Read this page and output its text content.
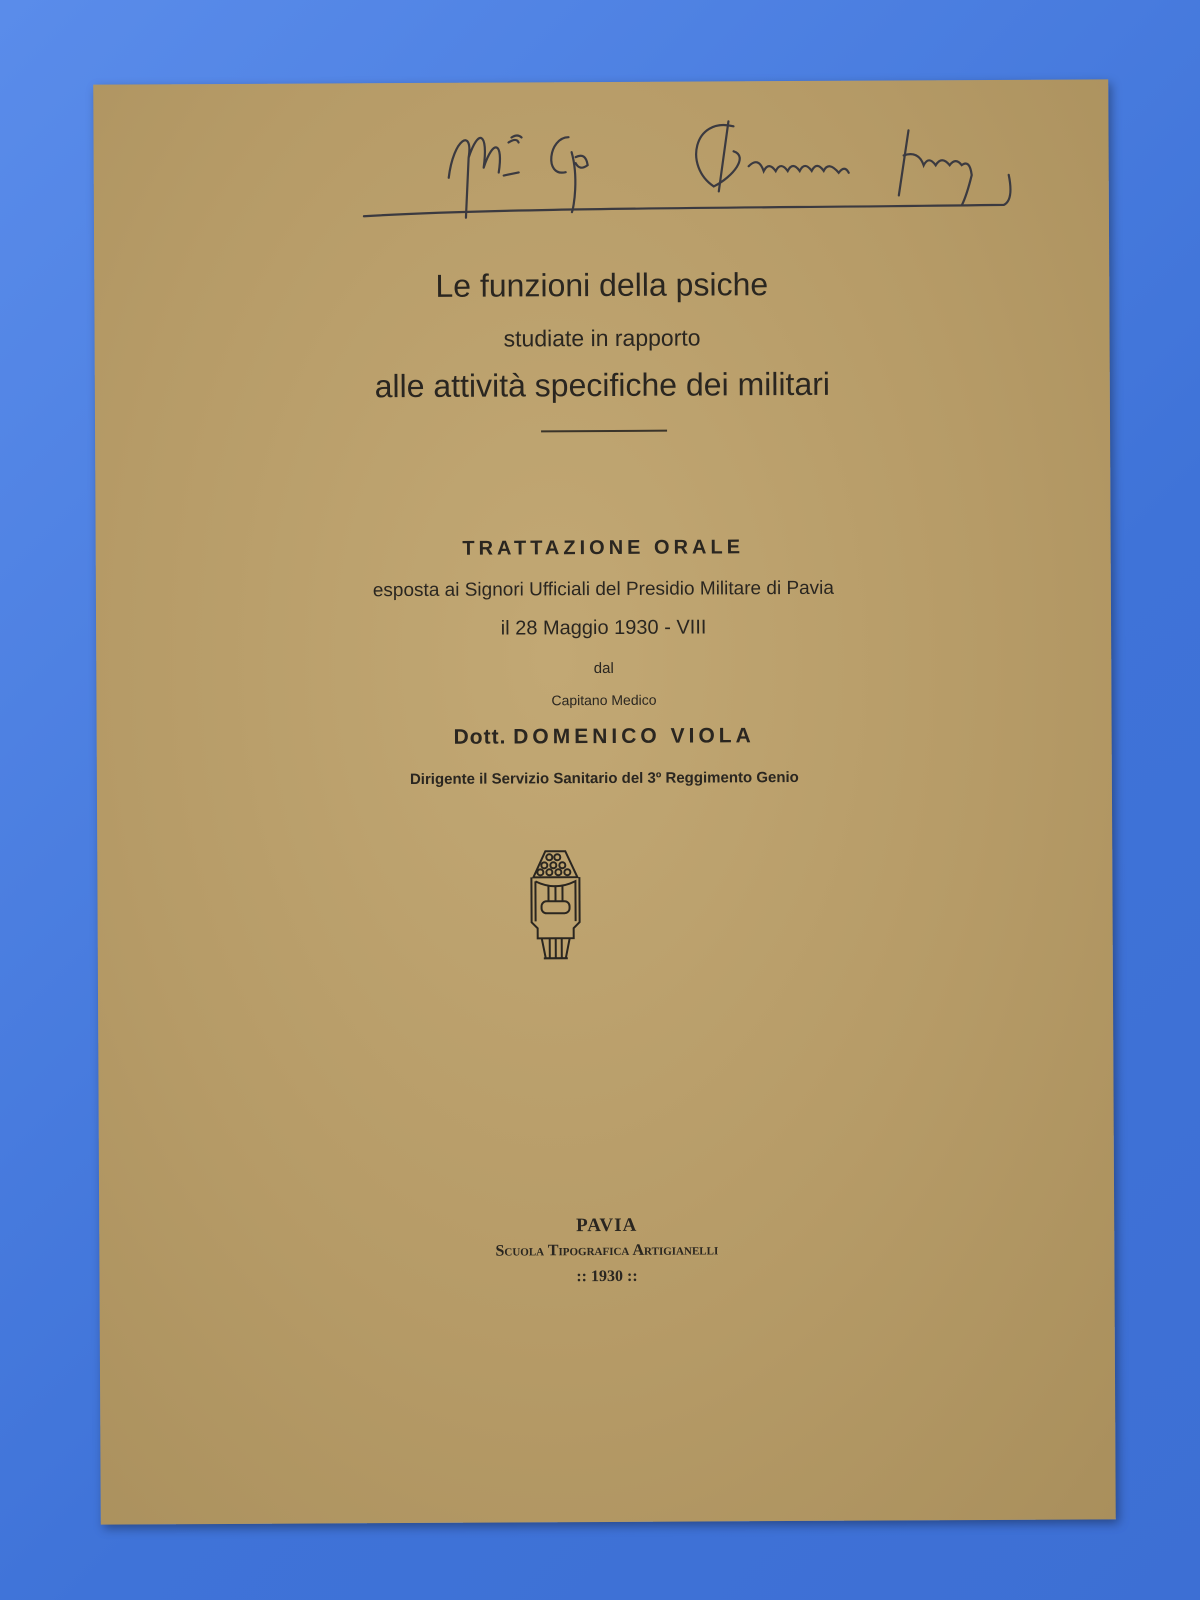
Le funzioni della psiche
studiate in rapporto
alle attività specifiche dei militari
TRATTAZIONE ORALE
esposta ai Signori Ufficiali del Presidio Militare di Pavia
il 28 Maggio 1930 - VIII
dal
Capitano Medico
Dott. DOMENICO VIOLA
Dirigente il Servizio Sanitario del 3º Reggimento Genio
PAVIA
Scuola Tipografica Artigianelli
:: 1930 ::
